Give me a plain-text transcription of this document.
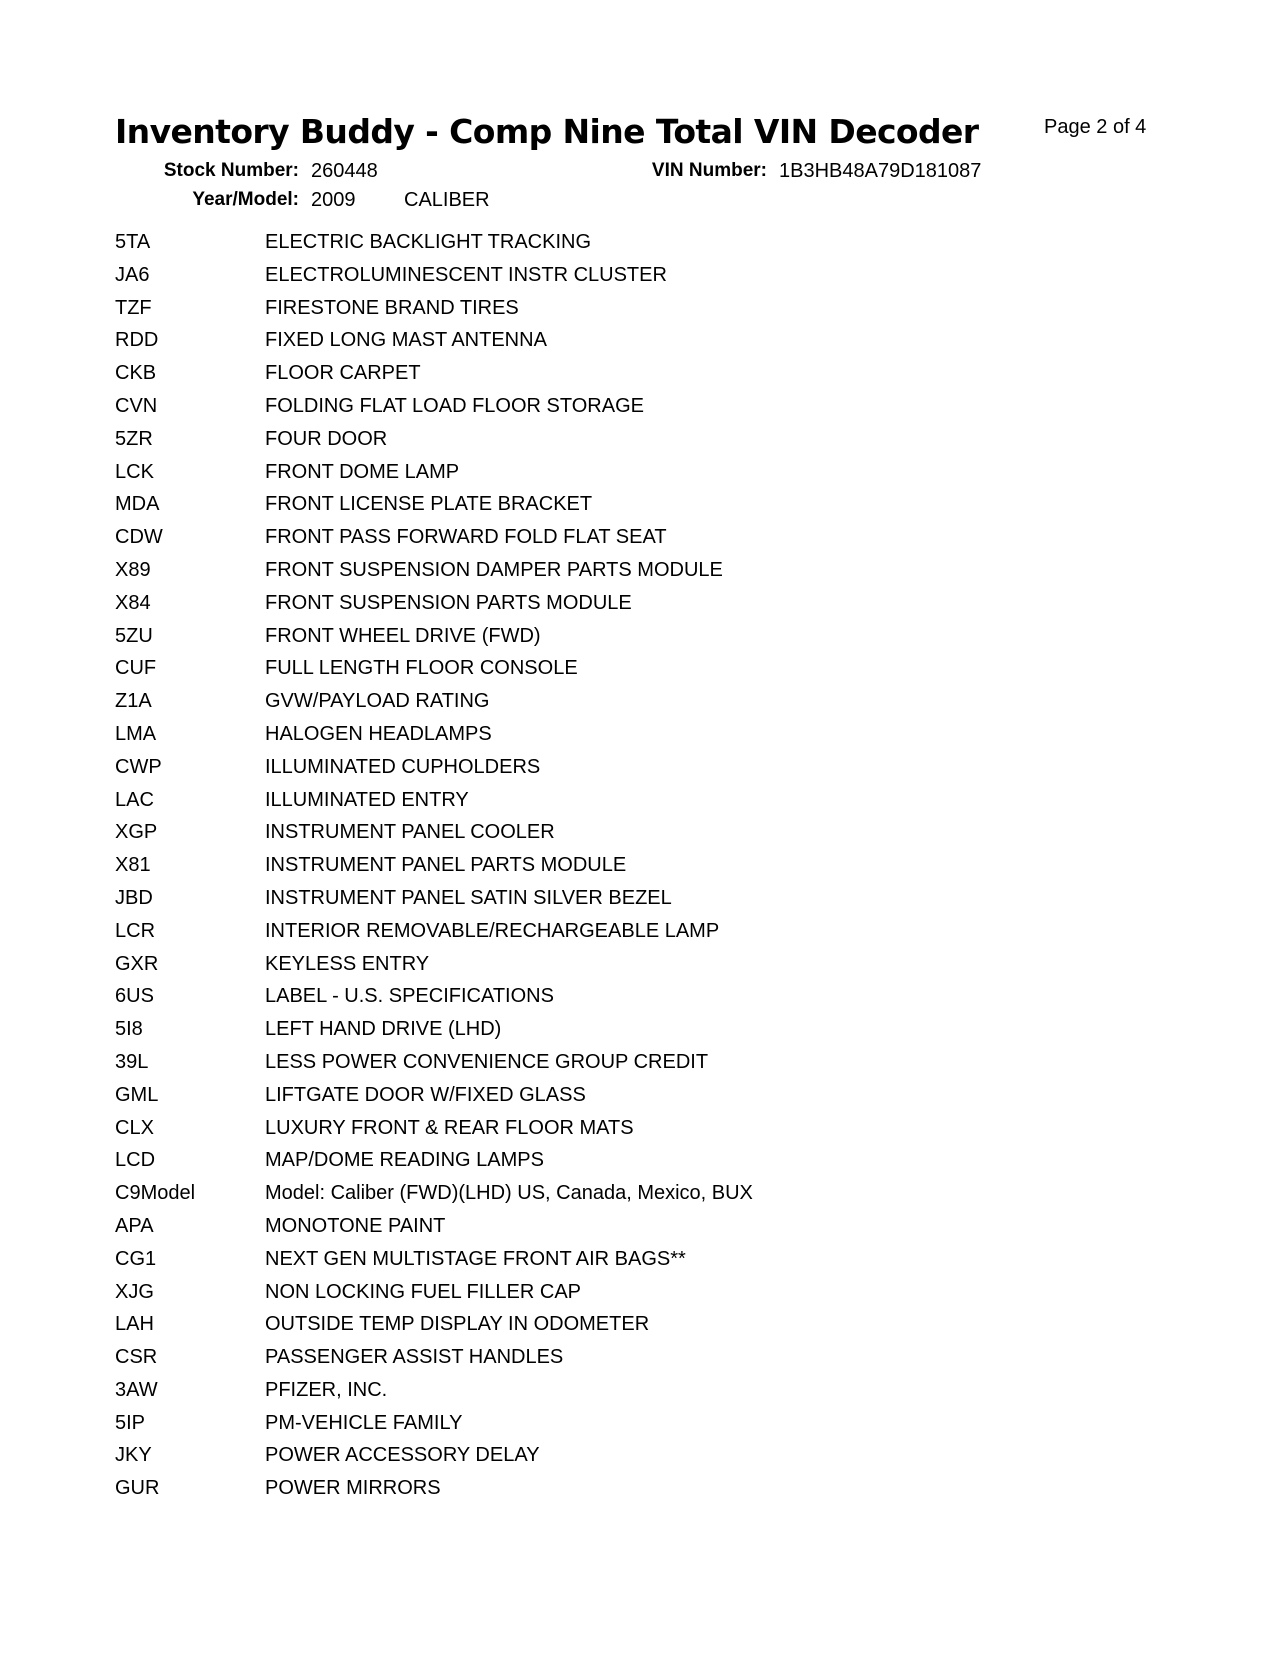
Inventory Buddy - Comp Nine Total VIN Decoder	Page 2 of 4
Stock Number: 260448	VIN Number: 1B3HB48A79D181087
Year/Model: 2009 CALIBER
5TA	ELECTRIC BACKLIGHT TRACKING
JA6	ELECTROLUMINESCENT INSTR CLUSTER
TZF	FIRESTONE BRAND TIRES
RDD	FIXED LONG MAST ANTENNA
CKB	FLOOR CARPET
CVN	FOLDING FLAT LOAD FLOOR STORAGE
5ZR	FOUR DOOR
LCK	FRONT DOME LAMP
MDA	FRONT LICENSE PLATE BRACKET
CDW	FRONT PASS FORWARD FOLD FLAT SEAT
X89	FRONT SUSPENSION DAMPER PARTS MODULE
X84	FRONT SUSPENSION PARTS MODULE
5ZU	FRONT WHEEL DRIVE (FWD)
CUF	FULL LENGTH FLOOR CONSOLE
Z1A	GVW/PAYLOAD RATING
LMA	HALOGEN HEADLAMPS
CWP	ILLUMINATED CUPHOLDERS
LAC	ILLUMINATED ENTRY
XGP	INSTRUMENT PANEL COOLER
X81	INSTRUMENT PANEL PARTS MODULE
JBD	INSTRUMENT PANEL SATIN SILVER BEZEL
LCR	INTERIOR REMOVABLE/RECHARGEABLE LAMP
GXR	KEYLESS ENTRY
6US	LABEL - U.S. SPECIFICATIONS
5I8	LEFT HAND DRIVE (LHD)
39L	LESS POWER CONVENIENCE GROUP CREDIT
GML	LIFTGATE DOOR W/FIXED GLASS
CLX	LUXURY FRONT & REAR FLOOR MATS
LCD	MAP/DOME READING LAMPS
C9Model	Model: Caliber (FWD)(LHD) US, Canada, Mexico, BUX
APA	MONOTONE PAINT
CG1	NEXT GEN MULTISTAGE FRONT AIR BAGS**
XJG	NON LOCKING FUEL FILLER CAP
LAH	OUTSIDE TEMP DISPLAY IN ODOMETER
CSR	PASSENGER ASSIST HANDLES
3AW	PFIZER, INC.
5IP	PM-VEHICLE FAMILY
JKY	POWER ACCESSORY DELAY
GUR	POWER MIRRORS
